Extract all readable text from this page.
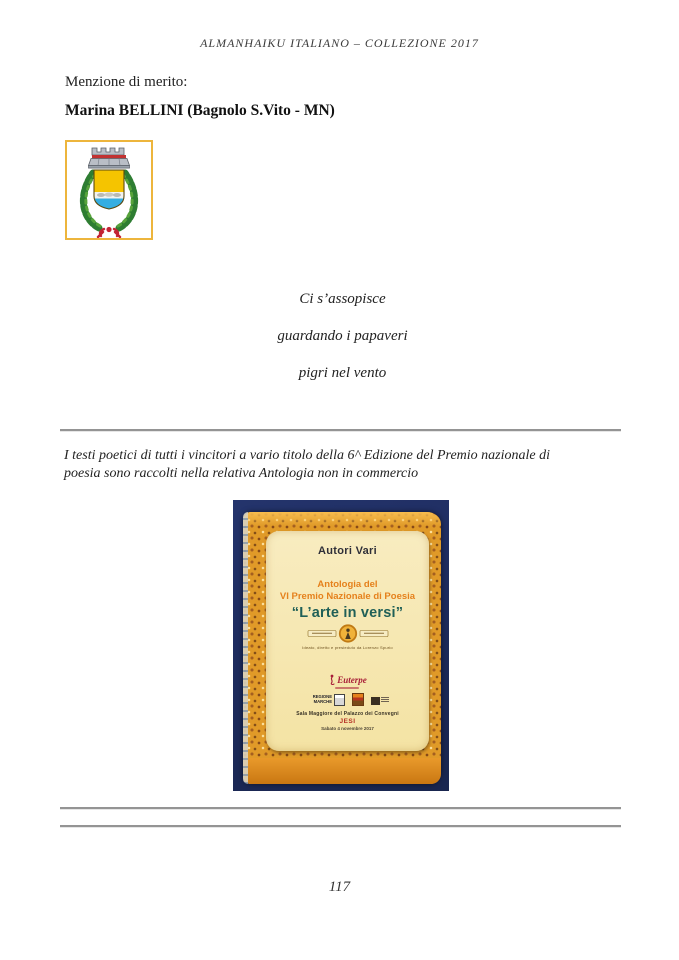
ALMANHAIKU ITALIANO – COLLEZIONE 2017
Menzione di merito:
Marina BELLINI (Bagnolo S.Vito - MN)
Ci s’assopisce
guardando i papaveri
pigri nel vento
I testi poetici di tutti i vincitori a vario titolo della 6^ Edizione del Premio nazionale di
poesia sono raccolti nella relativa Antologia non in commercio
Autori Vari
Antologia del
VI Premio Nazionale di Poesia
“L’arte in versi”
Ideato, diretto e presieduto da Lorenzo Spurio
Euterpe
REGIONE MARCHE
Sala Maggiore del Palazzo dei Convegni
JESI
Sabato 4 novembre 2017
117
